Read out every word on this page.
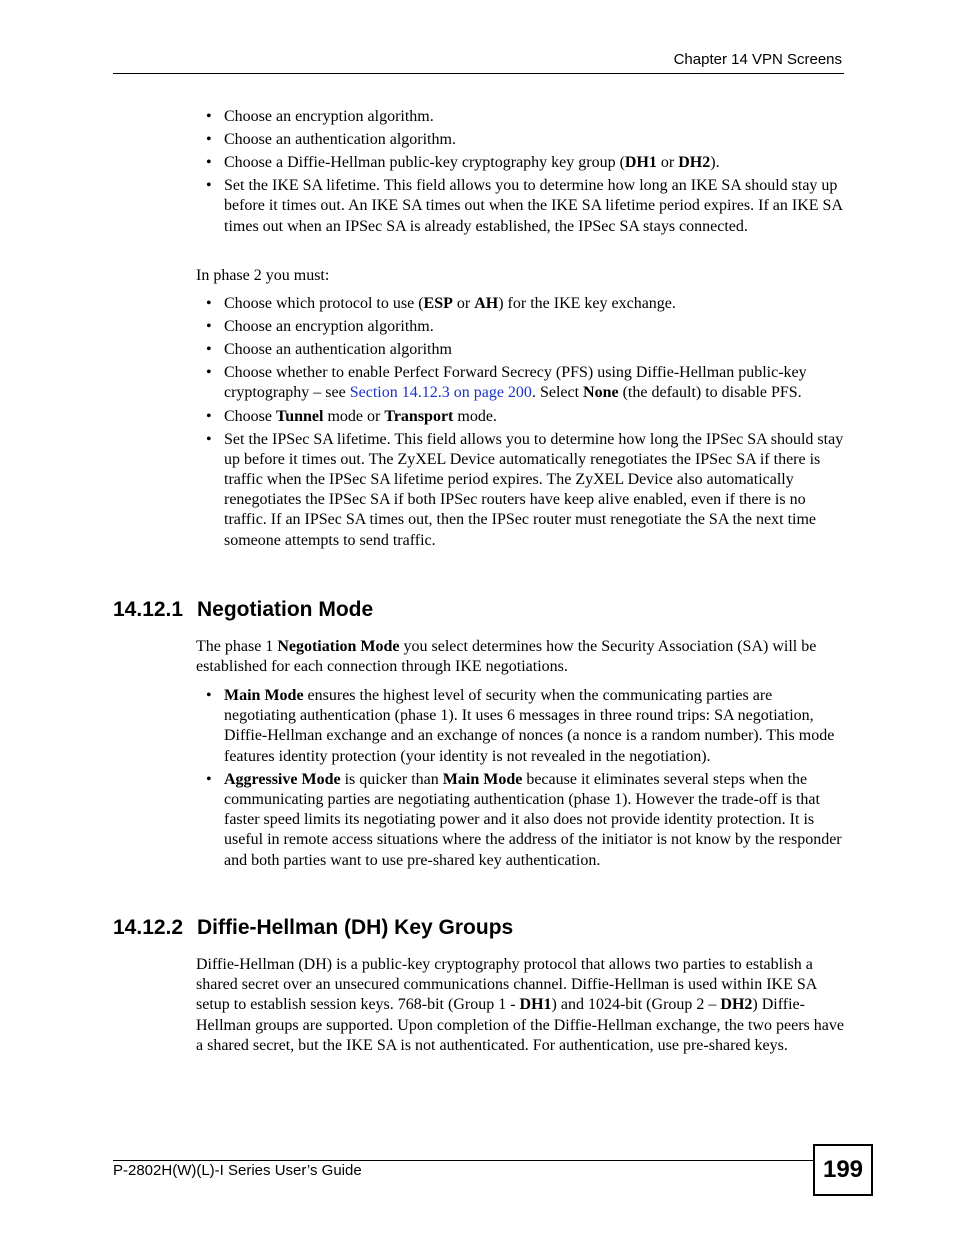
Chapter 14 VPN Screens
• Choose an encryption algorithm.
• Choose an authentication algorithm.
• Choose a Diffie-Hellman public-key cryptography key group (DH1 or DH2).
• Set the IKE SA lifetime. This field allows you to determine how long an IKE SA should stay up before it times out. An IKE SA times out when the IKE SA lifetime period expires. If an IKE SA times out when an IPSec SA is already established, the IPSec SA stays connected.

In phase 2 you must:

• Choose which protocol to use (ESP or AH) for the IKE key exchange.
• Choose an encryption algorithm.
• Choose an authentication algorithm
• Choose whether to enable Perfect Forward Secrecy (PFS) using Diffie-Hellman public-key cryptography – see Section 14.12.3 on page 200. Select None (the default) to disable PFS.
• Choose Tunnel mode or Transport mode.
• Set the IPSec SA lifetime. This field allows you to determine how long the IPSec SA should stay up before it times out. The ZyXEL Device automatically renegotiates the IPSec SA if there is traffic when the IPSec SA lifetime period expires. The ZyXEL Device also automatically renegotiates the IPSec SA if both IPSec routers have keep alive enabled, even if there is no traffic. If an IPSec SA times out, then the IPSec router must renegotiate the SA the next time someone attempts to send traffic.
14.12.1 Negotiation Mode

The phase 1 Negotiation Mode you select determines how the Security Association (SA) will be established for each connection through IKE negotiations.

• Main Mode ensures the highest level of security when the communicating parties are negotiating authentication (phase 1). It uses 6 messages in three round trips: SA negotiation, Diffie-Hellman exchange and an exchange of nonces (a nonce is a random number). This mode features identity protection (your identity is not revealed in the negotiation).
• Aggressive Mode is quicker than Main Mode because it eliminates several steps when the communicating parties are negotiating authentication (phase 1). However the trade-off is that faster speed limits its negotiating power and it also does not provide identity protection. It is useful in remote access situations where the address of the initiator is not know by the responder and both parties want to use pre-shared key authentication.
14.12.2 Diffie-Hellman (DH) Key Groups

Diffie-Hellman (DH) is a public-key cryptography protocol that allows two parties to establish a shared secret over an unsecured communications channel. Diffie-Hellman is used within IKE SA setup to establish session keys. 768-bit (Group 1 - DH1) and 1024-bit (Group 2 – DH2) Diffie-Hellman groups are supported. Upon completion of the Diffie-Hellman exchange, the two peers have a shared secret, but the IKE SA is not authenticated. For authentication, use pre-shared keys.

P-2802H(W)(L)-I Series User’s Guide	199
